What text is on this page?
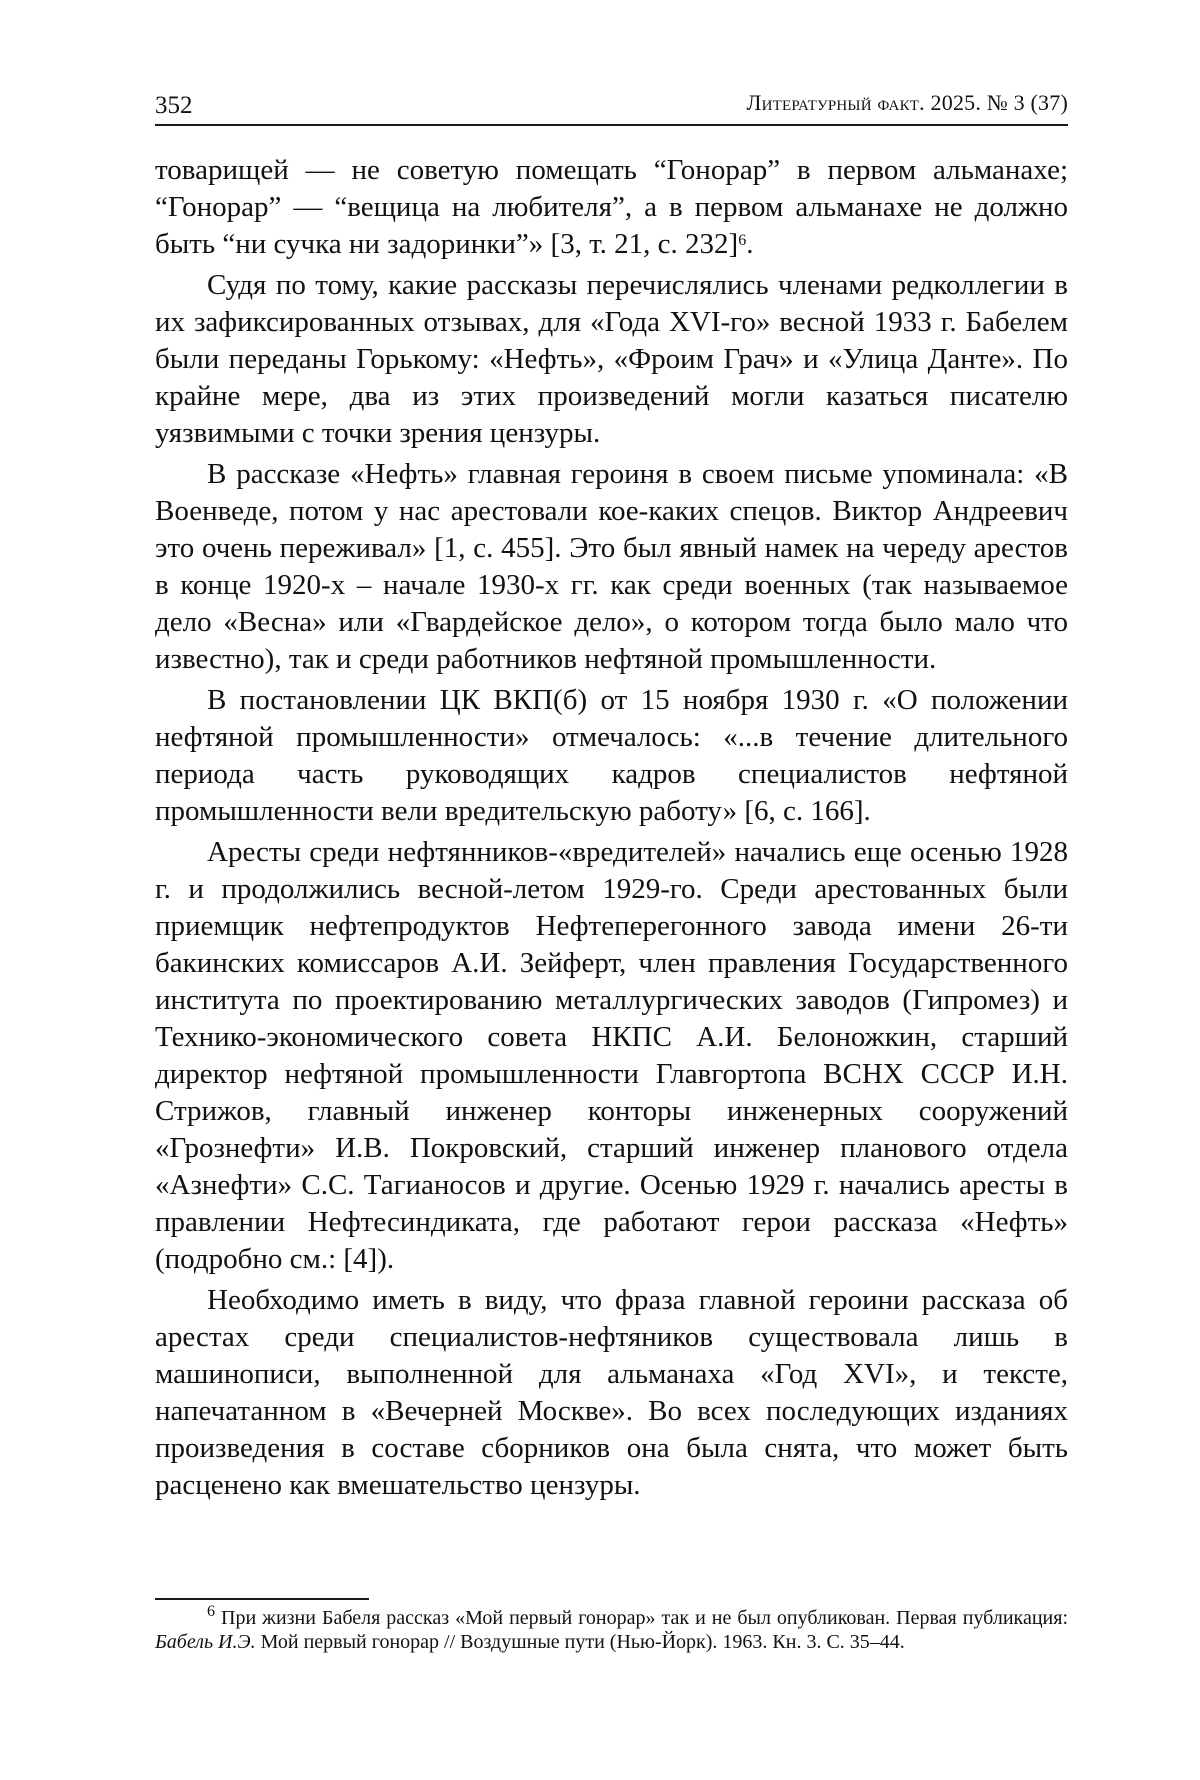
352	Литературный факт. 2025. № 3 (37)

товарищей — не советую помещать “Гонорар” в первом альманахе; “Гонорар” — “вещица на любителя”, а в первом альманахе не должно быть “ни сучка ни задоринки”» [3, т. 21, с. 232]$^6$.

Судя по тому, какие рассказы перечислялись членами редколлегии в их зафиксированных отзывах, для «Года XVI-го» весной 1933 г. Бабелем были переданы Горькому: «Нефть», «Фроим Грач» и «Улица Данте». По крайне мере, два из этих произведений могли казаться писателю уязвимыми с точки зрения цензуры.

В рассказе «Нефть» главная героиня в своем письме упоминала: «В Военведе, потом у нас арестовали кое-каких спецов. Виктор Андреевич это очень переживал» [1, с. 455]. Это был явный намек на череду арестов в конце 1920-х – начале 1930-х гг. как среди военных (так называемое дело «Весна» или «Гвардейское дело», о котором тогда было мало что известно), так и среди работников нефтяной промышленности.

В постановлении ЦК ВКП(б) от 15 ноября 1930 г. «О положении нефтяной промышленности» отмечалось: «...в течение длительного периода часть руководящих кадров специалистов нефтяной промышленности вели вредительскую работу» [6, с. 166].

Аресты среди нефтянников-«вредителей» начались еще осенью 1928 г. и продолжились весной-летом 1929-го. Среди арестованных были приемщик нефтепродуктов Нефтеперегонного завода имени 26-ти бакинских комиссаров А.И. Зейферт, член правления Государственного института по проектированию металлургических заводов (Гипромез) и Технико-экономического совета НКПС А.И. Белоножкин, старший директор нефтяной промышленности Главгортопа ВСНХ СССР И.Н. Стрижов, главный инженер конторы инженерных сооружений «Грознефти» И.В. Покровский, старший инженер планового отдела «Азнефти» С.С. Тагианосов и другие. Осенью 1929 г. начались аресты в правлении Нефтесиндиката, где работают герои рассказа «Нефть» (подробно см.: [4]).

Необходимо иметь в виду, что фраза главной героини рассказа об арестах среди специалистов-нефтяников существовала лишь в машинописи, выполненной для альманаха «Год XVI», и тексте, напечатанном в «Вечерней Москве». Во всех последующих изданиях произведения в составе сборников она была снята, что может быть расценено как вмешательство цензуры.

$^6$ При жизни Бабеля рассказ «Мой первый гонорар» так и не был опубликован. Первая публикация: Бабель И.Э. Мой первый гонорар // Воздушные пути (Нью-Йорк). 1963. Кн. 3. С. 35–44.
